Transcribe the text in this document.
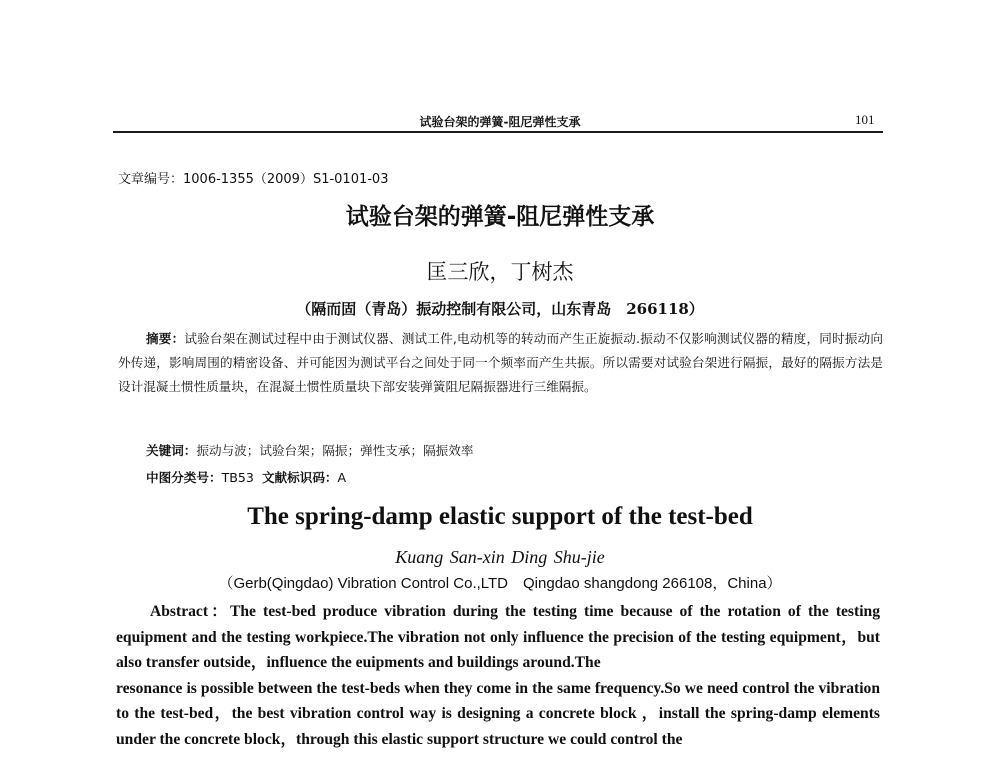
试验台架的弹簧-阻尼弹性支承	101
文章编号：1006-1355（2009）S1-0101-03
试验台架的弹簧-阻尼弹性支承
匡三欣，丁树杰
（隔而固（青岛）振动控制有限公司，山东青岛　266118）
摘要：试验台架在测试过程中由于测试仪器、测试工件,电动机等的转动而产生正旋振动.振动不仅影响测试仪器的精度，同时振动向外传递，影响周围的精密设备、并可能因为测试平台之间处于同一个频率而产生共振。所以需要对试验台架进行隔振，最好的隔振方法是设计混凝土惯性质量块，在混凝土惯性质量块下部安装弹簧阻尼隔振器进行三维隔振。
关键词：振动与波；试验台架；隔振；弹性支承；隔振效率
中图分类号：TB53 文献标识码：A
The spring-damp elastic support of the test-bed
Kuang San-xin Ding Shu-jie
（Gerb(Qingdao) Vibration Control Co.,LTD　Qingdao shangdong 266108，China）
Abstract：The test-bed produce vibration during the testing time because of the rotation of the testing equipment and the testing workpiece.The vibration not only influence the precision of the testing equipment，but also transfer outside，influence the euipments and buildings around.The
resonance is possible between the test-beds when they come in the same frequency.So we need control the vibration to the test-bed，the best vibration control way is designing a concrete block ，install the spring-damp elements under the concrete block，through this elastic support structure we could control the
